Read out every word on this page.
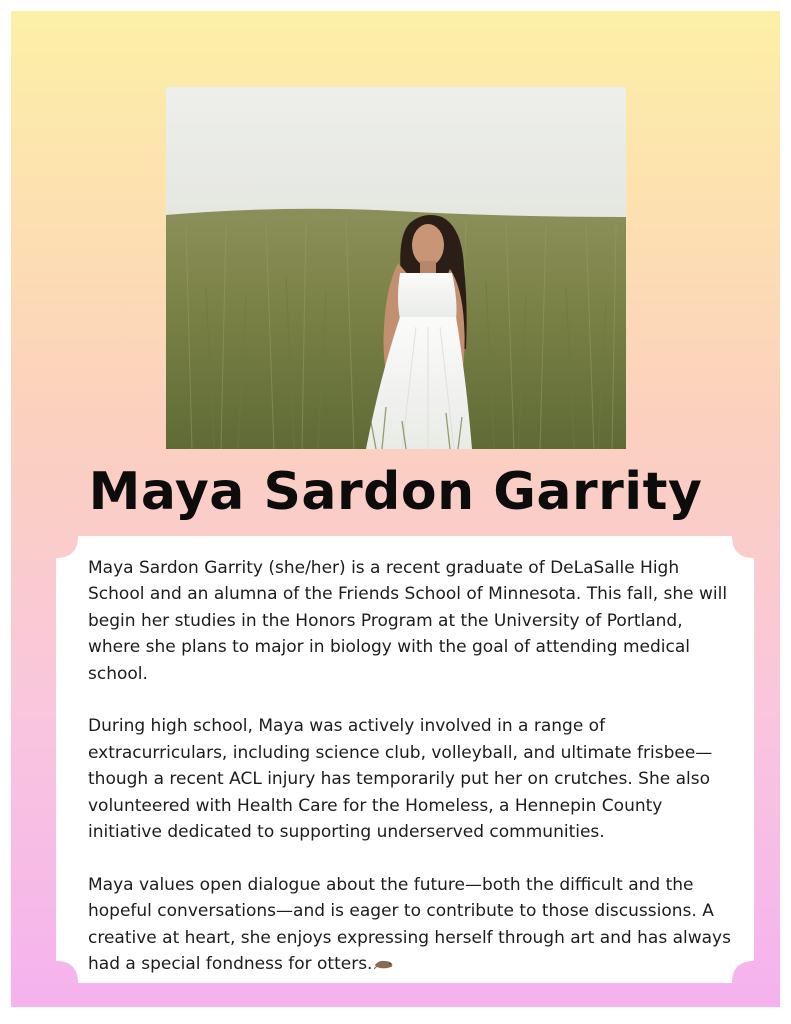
Maya Sardon Garrity

Maya Sardon Garrity (she/her) is a recent graduate of DeLaSalle High School and an alumna of the Friends School of Minnesota. This fall, she will begin her studies in the Honors Program at the University of Portland, where she plans to major in biology with the goal of attending medical school.

During high school, Maya was actively involved in a range of extracurriculars, including science club, volleyball, and ultimate frisbee—though a recent ACL injury has temporarily put her on crutches. She also volunteered with Health Care for the Homeless, a Hennepin County initiative dedicated to supporting underserved communities.

Maya values open dialogue about the future—both the difficult and the hopeful conversations—and is eager to contribute to those discussions. A creative at heart, she enjoys expressing herself through art and has always had a special fondness for otters.
